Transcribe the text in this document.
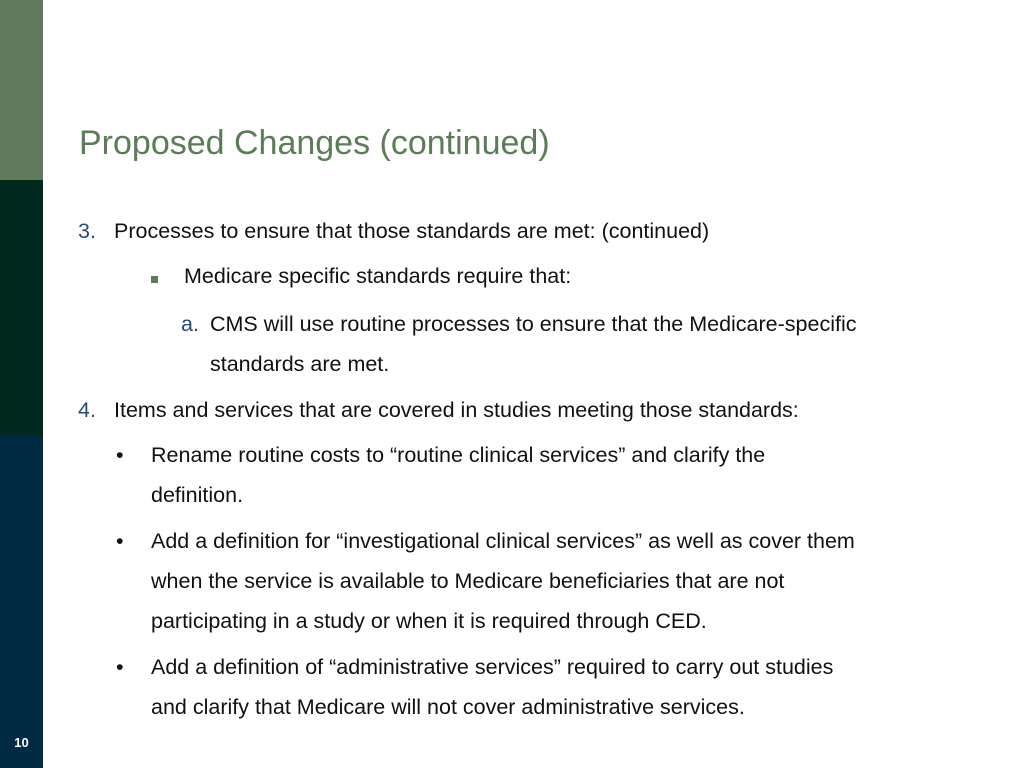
10
Proposed Changes (continued)
3. Processes to ensure that those standards are met: (continued)
Medicare specific standards require that:
a. CMS will use routine processes to ensure that the Medicare-specific
standards are met.
4. Items and services that are covered in studies meeting those standards:
• Rename routine costs to “routine clinical services” and clarify the
definition.
• Add a definition for “investigational clinical services” as well as cover them
when the service is available to Medicare beneficiaries that are not
participating in a study or when it is required through CED.
• Add a definition of “administrative services” required to carry out studies
and clarify that Medicare will not cover administrative services.
